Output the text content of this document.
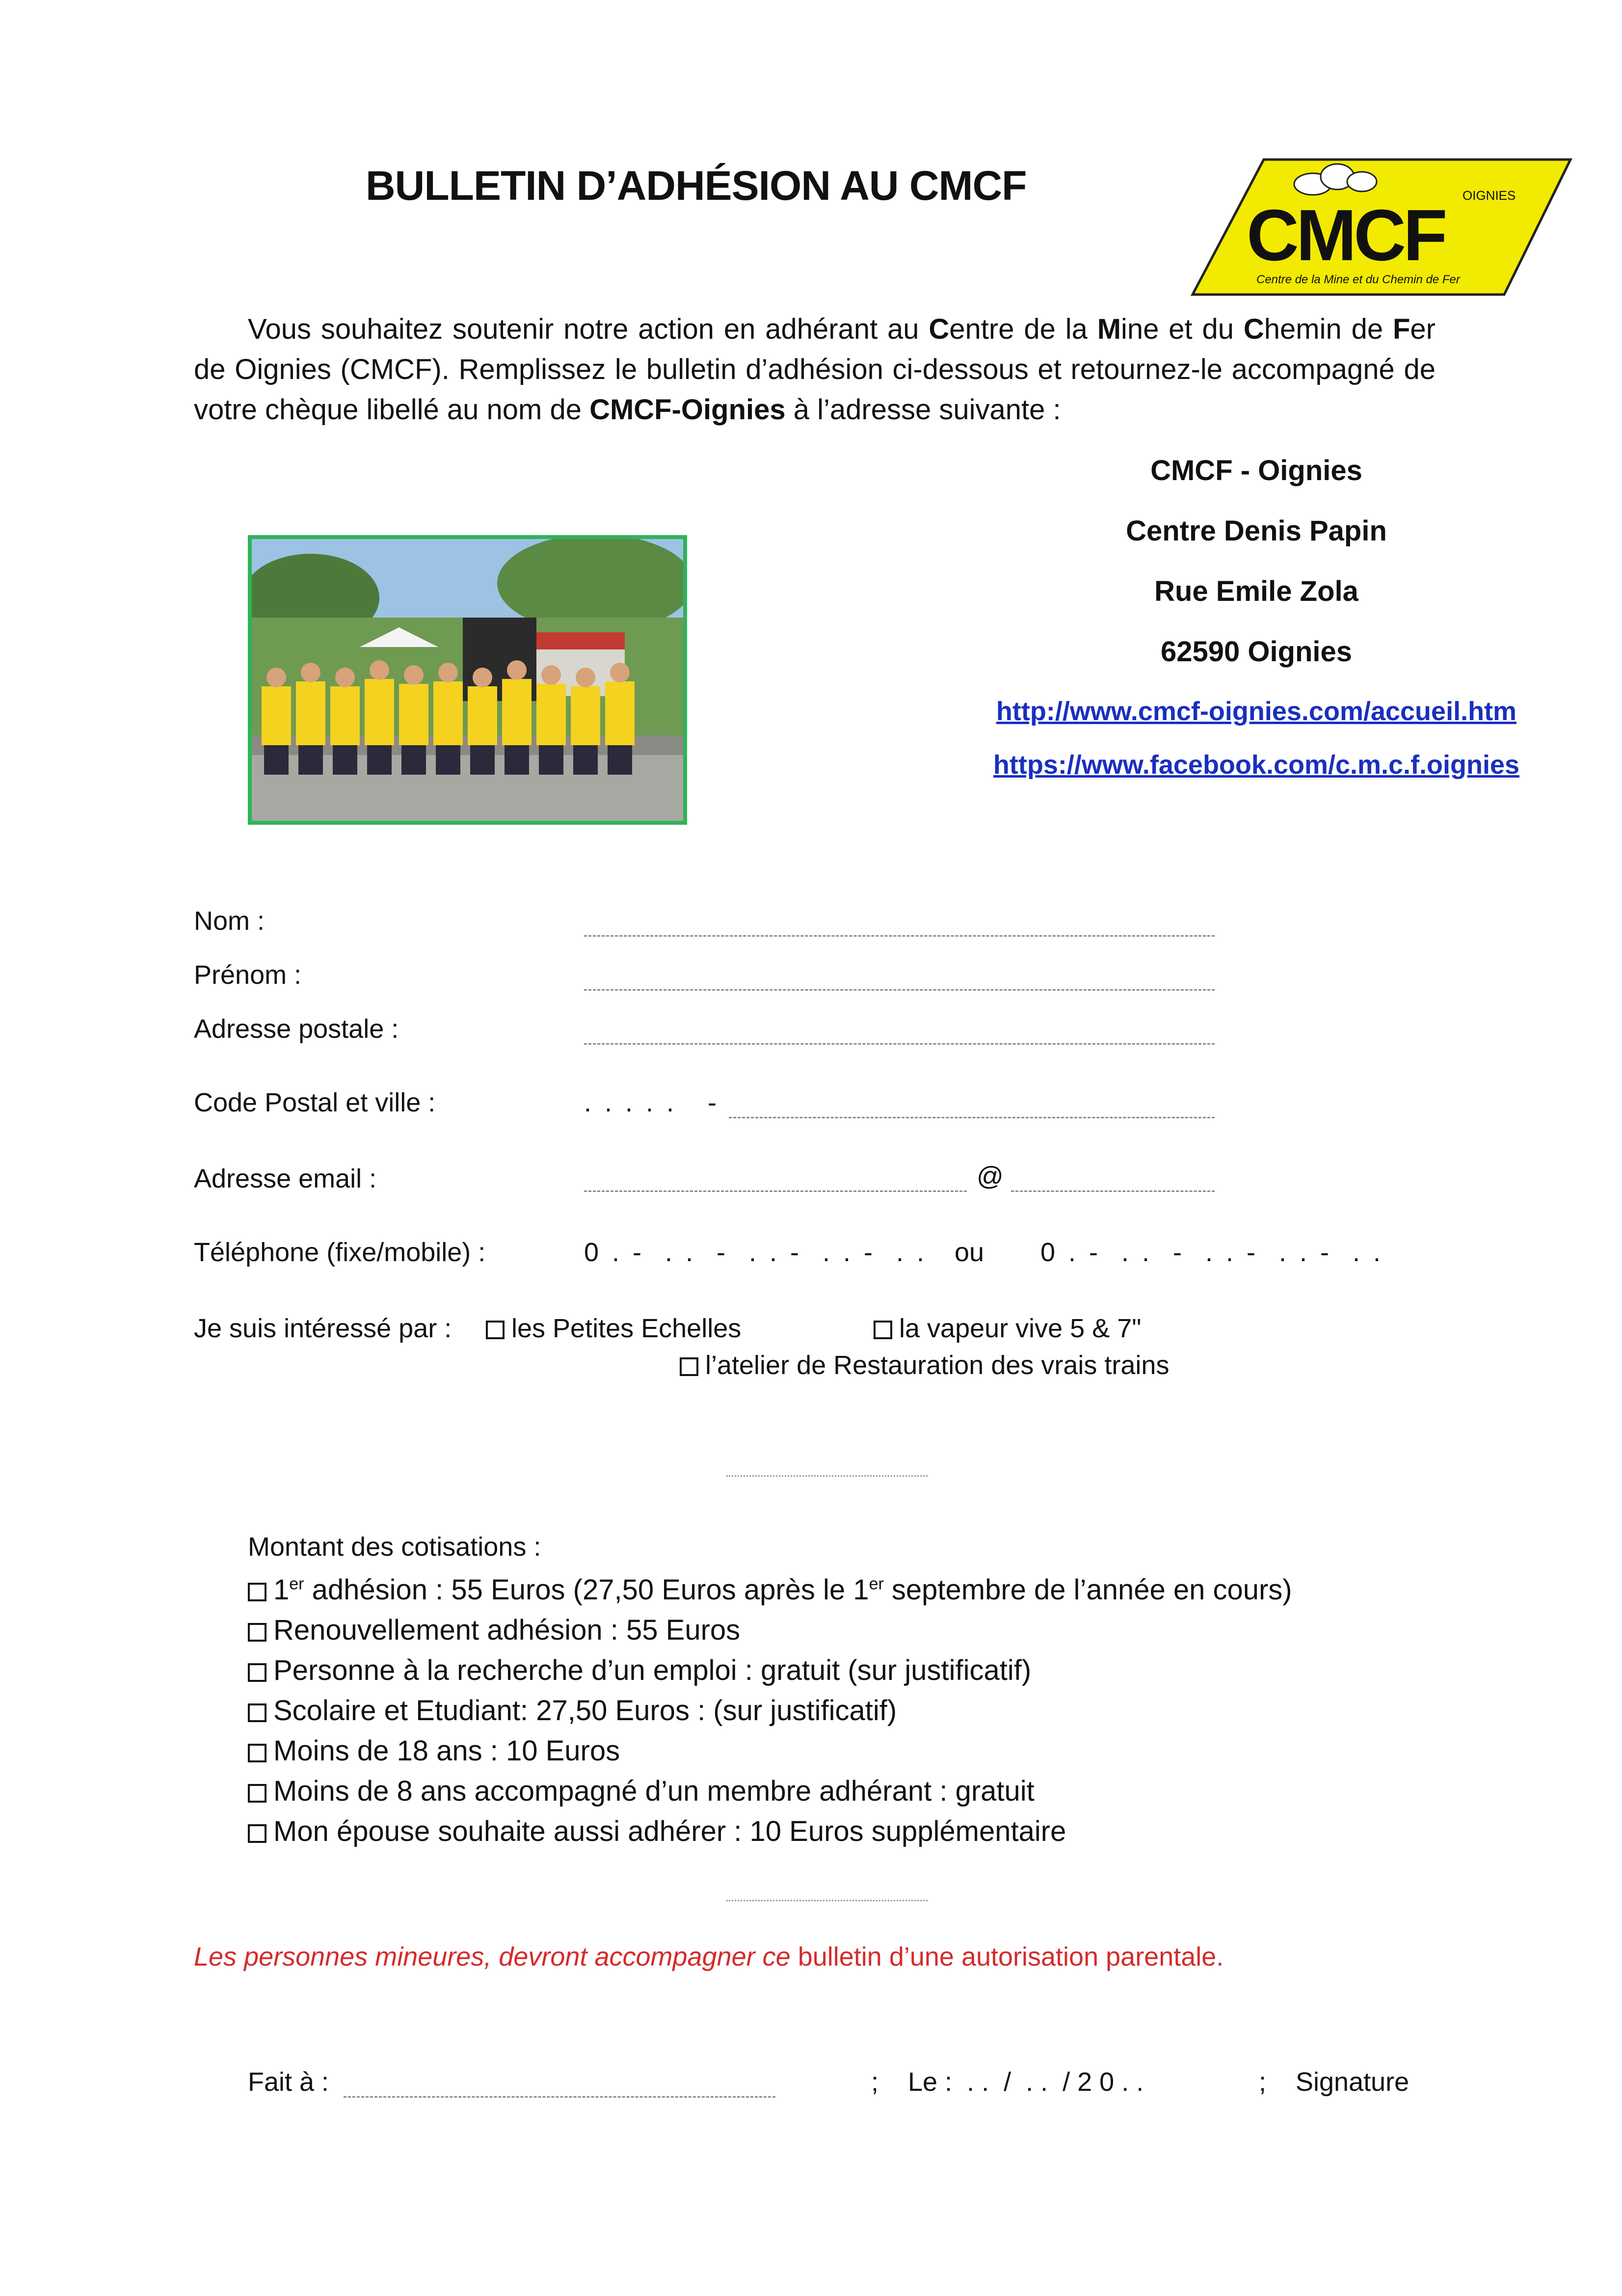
BULLETIN D’ADHÉSION AU CMCF	OIGNIES
CMCF
Centre de la Mine et du Chemin de Fer
Vous souhaitez soutenir notre action en adhérant au Centre de la Mine et du Chemin de Fer de Oignies (CMCF). Remplissez le bulletin d’adhésion ci-dessous et retournez-le accompagné de votre chèque libellé au nom de CMCF-Oignies à l’adresse suivante :
CMCF - Oignies
Centre Denis Papin
Rue Emile Zola
62590 Oignies
http://www.cmcf-oignies.com/accueil.htm
https://www.facebook.com/c.m.c.f.oignies
Nom :
Prénom :
Adresse postale :
Code Postal et ville :	. . . . .   -
Adresse email :	@
Téléphone (fixe/mobile) :	0 . -  . .  -  . . -  . . -  . . ou 0 . -  . .  -  . . -  . . -  . .
Je suis intéressé par :	les Petites Echelles	la vapeur vive 5 & 7"
l’atelier de Restauration des vrais trains
Montant des cotisations :
1er adhésion : 55 Euros (27,50 Euros après le 1er septembre de l’année en cours)
Renouvellement adhésion : 55 Euros
Personne à la recherche d’un emploi : gratuit (sur justificatif)
Scolaire et Etudiant: 27,50 Euros : (sur justificatif)
Moins de 18 ans : 10 Euros
Moins de 8 ans accompagné d’un membre adhérant : gratuit
Mon épouse souhaite aussi adhérer : 10 Euros supplémentaire
Les personnes mineures, devront accompagner ce bulletin d’une autorisation parentale.
Fait à :	; Le :  . .  /  . .  / 2 0 . .	; Signature
